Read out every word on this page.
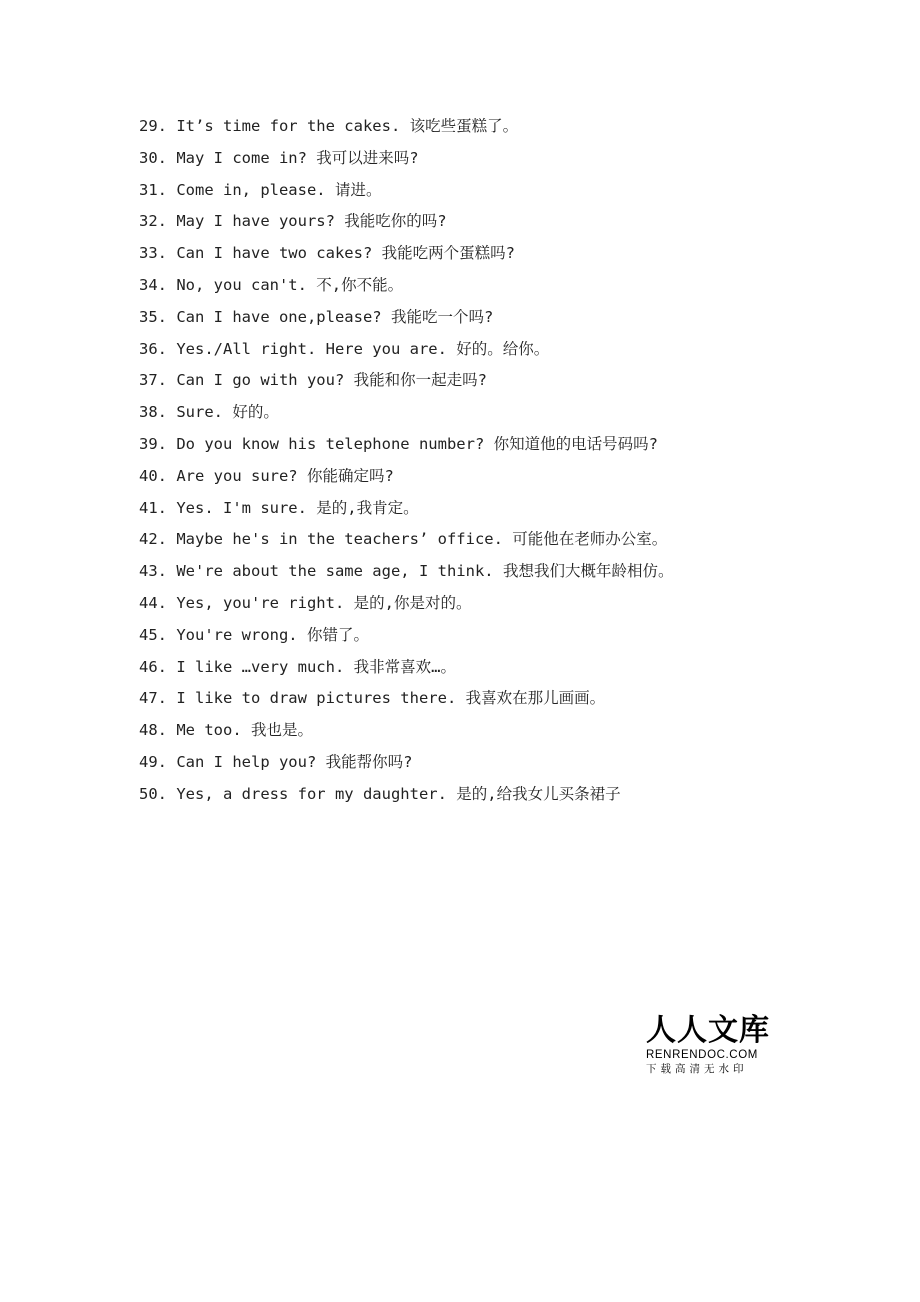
29. It’s time for the cakes. 该吃些蛋糕了。
30. May I come in? 我可以进来吗?
31. Come in, please. 请进。
32. May I have yours? 我能吃你的吗?
33. Can I have two cakes? 我能吃两个蛋糕吗?
34. No, you can't. 不,你不能。
35. Can I have one,please? 我能吃一个吗?
36. Yes./All right. Here you are. 好的。给你。
37. Can I go with you? 我能和你一起走吗?
38. Sure. 好的。
39. Do you know his telephone number? 你知道他的电话号码吗?
40. Are you sure? 你能确定吗?
41. Yes. I'm sure. 是的,我肯定。
42. Maybe he's in the teachers’ office. 可能他在老师办公室。
43. We're about the same age, I think. 我想我们大概年龄相仿。
44. Yes, you're right. 是的,你是对的。
45. You're wrong. 你错了。
46. I like …very much. 我非常喜欢…。
47. I like to draw pictures there. 我喜欢在那儿画画。
48. Me too. 我也是。
49. Can I help you? 我能帮你吗?
50. Yes, a dress for my daughter. 是的,给我女儿买条裙子
人人文库
RENRENDOC.COM
下载高清无水印
